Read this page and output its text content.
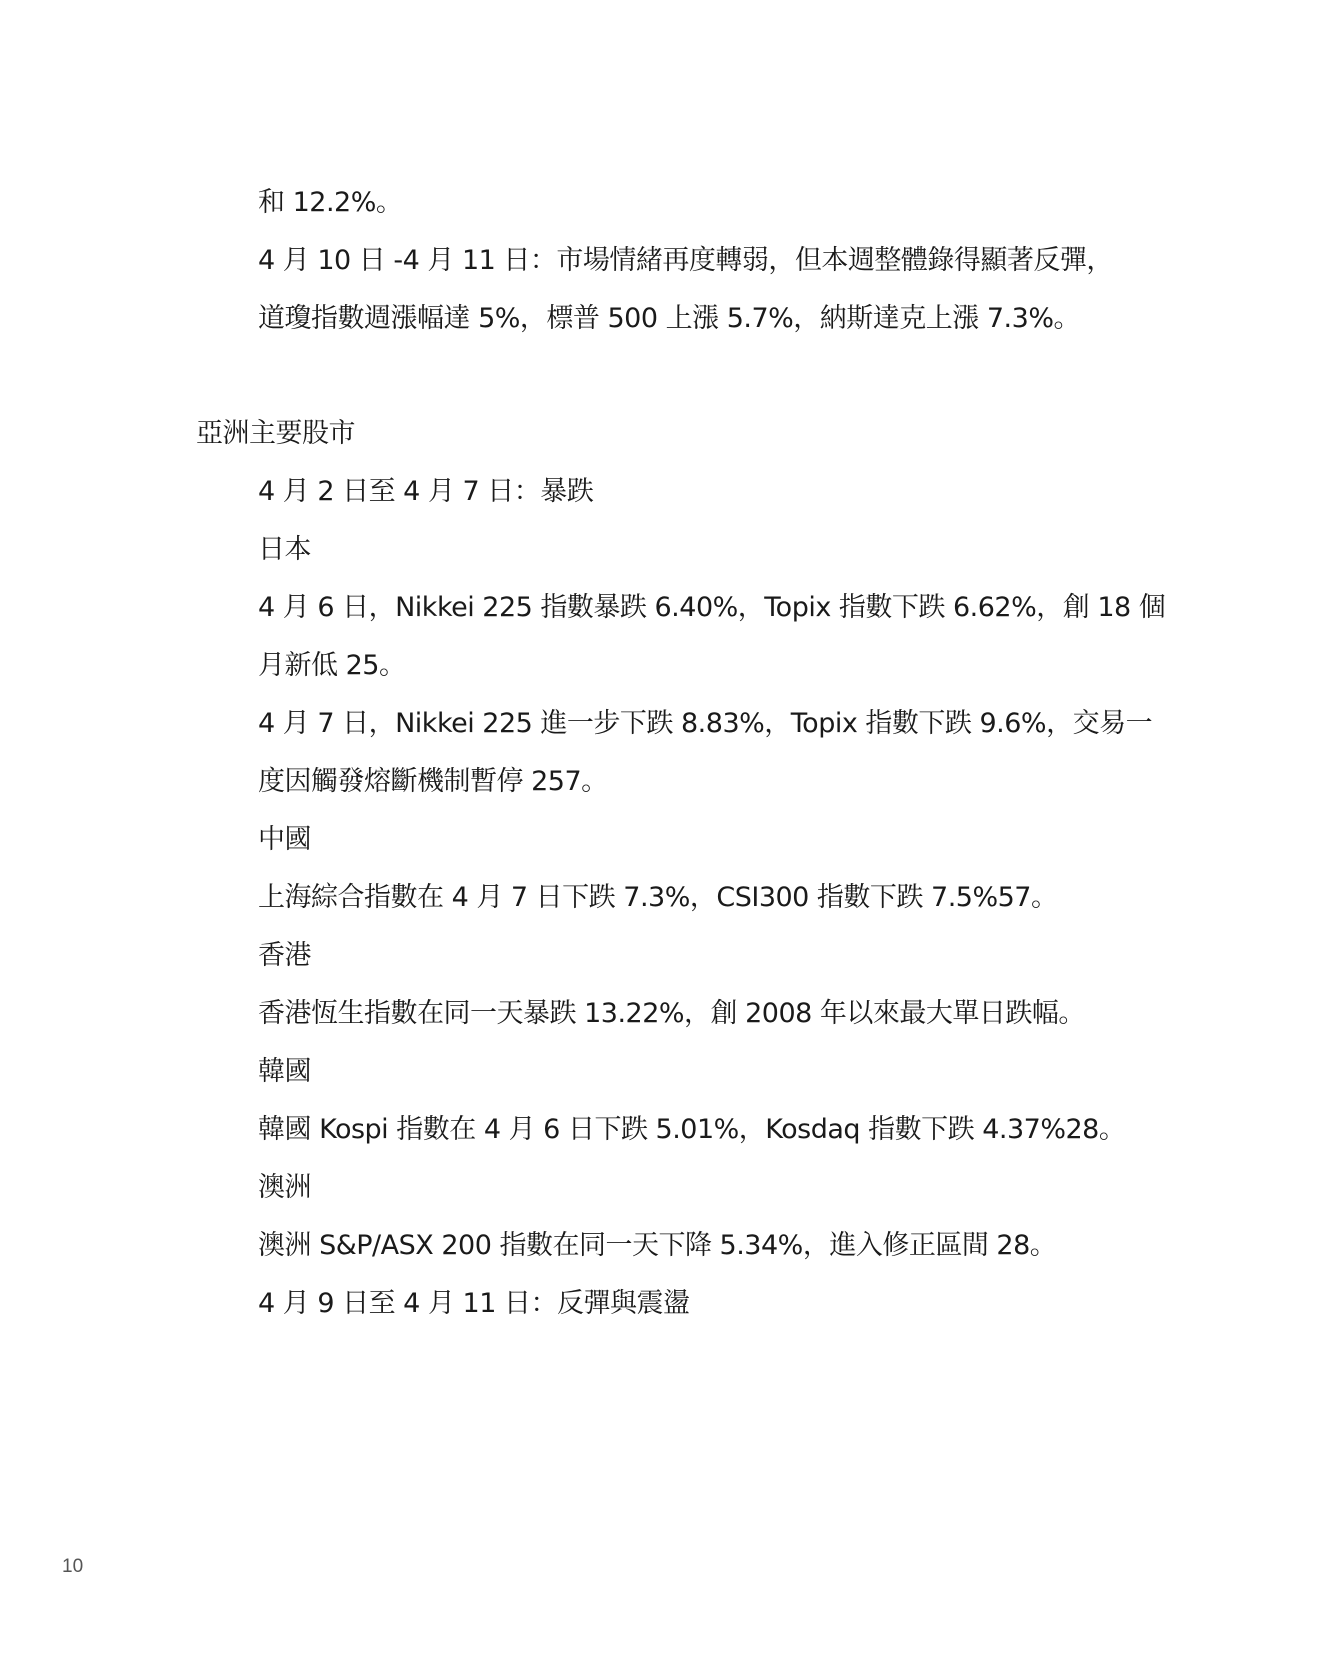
和 12.2%。
4 月 10 日 -4 月 11 日：市場情緒再度轉弱，但本週整體錄得顯著反彈，
道瓊指數週漲幅達 5%，標普 500 上漲 5.7%，納斯達克上漲 7.3%。
亞洲主要股市
4 月 2 日至 4 月 7 日：暴跌
日本
4 月 6 日，Nikkei 225 指數暴跌 6.40%，Topix 指數下跌 6.62%，創 18 個
月新低 25。
4 月 7 日，Nikkei 225 進一步下跌 8.83%，Topix 指數下跌 9.6%，交易一
度因觸發熔斷機制暫停 257。
中國
上海綜合指數在 4 月 7 日下跌 7.3%，CSI300 指數下跌 7.5%57。
香港
香港恆生指數在同一天暴跌 13.22%，創 2008 年以來最大單日跌幅。
韓國
韓國 Kospi 指數在 4 月 6 日下跌 5.01%，Kosdaq 指數下跌 4.37%28。
澳洲
澳洲 S&P/ASX 200 指數在同一天下降 5.34%，進入修正區間 28。
4 月 9 日至 4 月 11 日：反彈與震盪
10
